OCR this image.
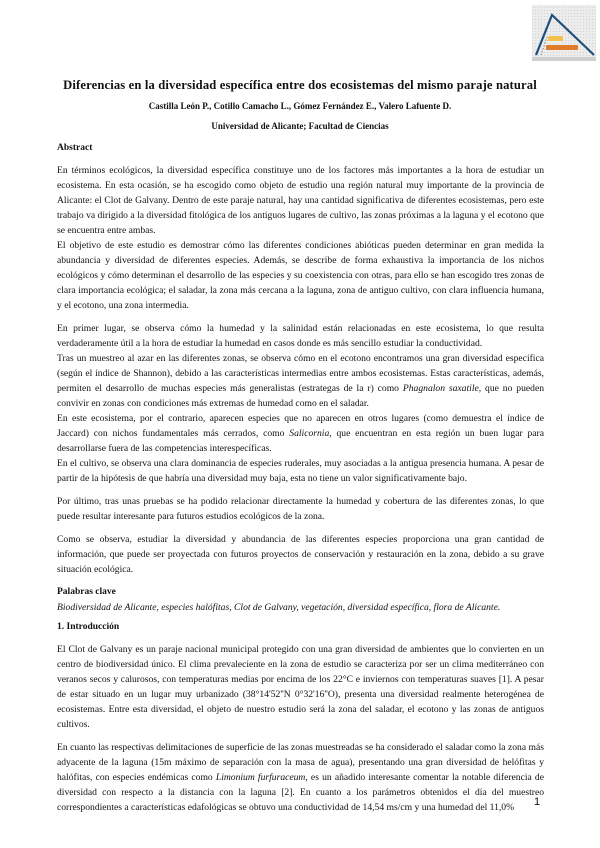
Diferencias en la diversidad específica entre dos ecosistemas del mismo paraje natural
Castilla León P., Cotillo Camacho L., Gómez Fernández E., Valero Lafuente D.
Universidad de Alicante; Facultad de Ciencias
Abstract

En términos ecológicos, la diversidad específica constituye uno de los factores más importantes a la hora de estudiar un ecosistema. En esta ocasión, se ha escogido como objeto de estudio una región natural muy importante de la provincia de Alicante: el Clot de Galvany. Dentro de este paraje natural, hay una cantidad significativa de diferentes ecosistemas, pero este trabajo va dirigido a la diversidad fitológica de los antiguos lugares de cultivo, las zonas próximas a la laguna y el ecotono que se encuentra entre ambas.

El objetivo de este estudio es demostrar cómo las diferentes condiciones abióticas pueden determinar en gran medida la abundancia y diversidad de diferentes especies. Además, se describe de forma exhaustiva la importancia de los nichos ecológicos y cómo determinan el desarrollo de las especies y su coexistencia con otras, para ello se han escogido tres zonas de clara importancia ecológica; el saladar, la zona más cercana a la laguna, zona de antiguo cultivo, con clara influencia humana, y el ecotono, una zona intermedia.

En primer lugar, se observa cómo la humedad y la salinidad están relacionadas en este ecosistema, lo que resulta verdaderamente útil a la hora de estudiar la humedad en casos donde es más sencillo estudiar la conductividad.

Tras un muestreo al azar en las diferentes zonas, se observa cómo en el ecotono encontramos una gran diversidad específica (según el índice de Shannon), debido a las características intermedias entre ambos ecosistemas. Estas características, además, permiten el desarrollo de muchas especies más generalistas (estrategas de la r) como Phagnalon saxatile, que no pueden convivir en zonas con condiciones más extremas de humedad como en el saladar.

En este ecosistema, por el contrario, aparecen especies que no aparecen en otros lugares (como demuestra el índice de Jaccard) con nichos fundamentales más cerrados, como Salicornia, que encuentran en esta región un buen lugar para desarrollarse fuera de las competencias interespecíficas.

En el cultivo, se observa una clara dominancia de especies ruderales, muy asociadas a la antigua presencia humana. A pesar de partir de la hipótesis de que habría una diversidad muy baja, esta no tiene un valor significativamente bajo.

Por último, tras unas pruebas se ha podido relacionar directamente la humedad y cobertura de las diferentes zonas, lo que puede resultar interesante para futuros estudios ecológicos de la zona.

Como se observa, estudiar la diversidad y abundancia de las diferentes especies proporciona una gran cantidad de información, que puede ser proyectada con futuros proyectos de conservación y restauración en la zona, debido a su grave situación ecológica.

Palabras clave

Biodiversidad de Alicante, especies halófitas, Clot de Galvany, vegetación, diversidad específica, flora de Alicante.

1. Introducción

El Clot de Galvany es un paraje nacional municipal protegido con una gran diversidad de ambientes que lo convierten en un centro de biodiversidad único. El clima prevaleciente en la zona de estudio se caracteriza por ser un clima mediterráneo con veranos secos y calurosos, con temperaturas medias por encima de los 22°C e inviernos con temperaturas suaves [1]. A pesar de estar situado en un lugar muy urbanizado (38°14'52''N 0°32'16''O), presenta una diversidad realmente heterogénea de ecosistemas. Entre esta diversidad, el objeto de nuestro estudio será la zona del saladar, el ecotono y las zonas de antiguos cultivos.

En cuanto las respectivas delimitaciones de superficie de las zonas muestreadas se ha considerado el saladar como la zona más adyacente de la laguna (15m máximo de separación con la masa de agua), presentando una gran diversidad de helófitas y halófitas, con especies endémicas como Limonium furfuraceum, es un añadido interesante comentar la notable diferencia de diversidad con respecto a la distancia con la laguna [2]. En cuanto a los parámetros obtenidos el día del muestreo correspondientes a características edafológicas se obtuvo una conductividad de 14,54 ms/cm y una humedad del 11,0%	1
